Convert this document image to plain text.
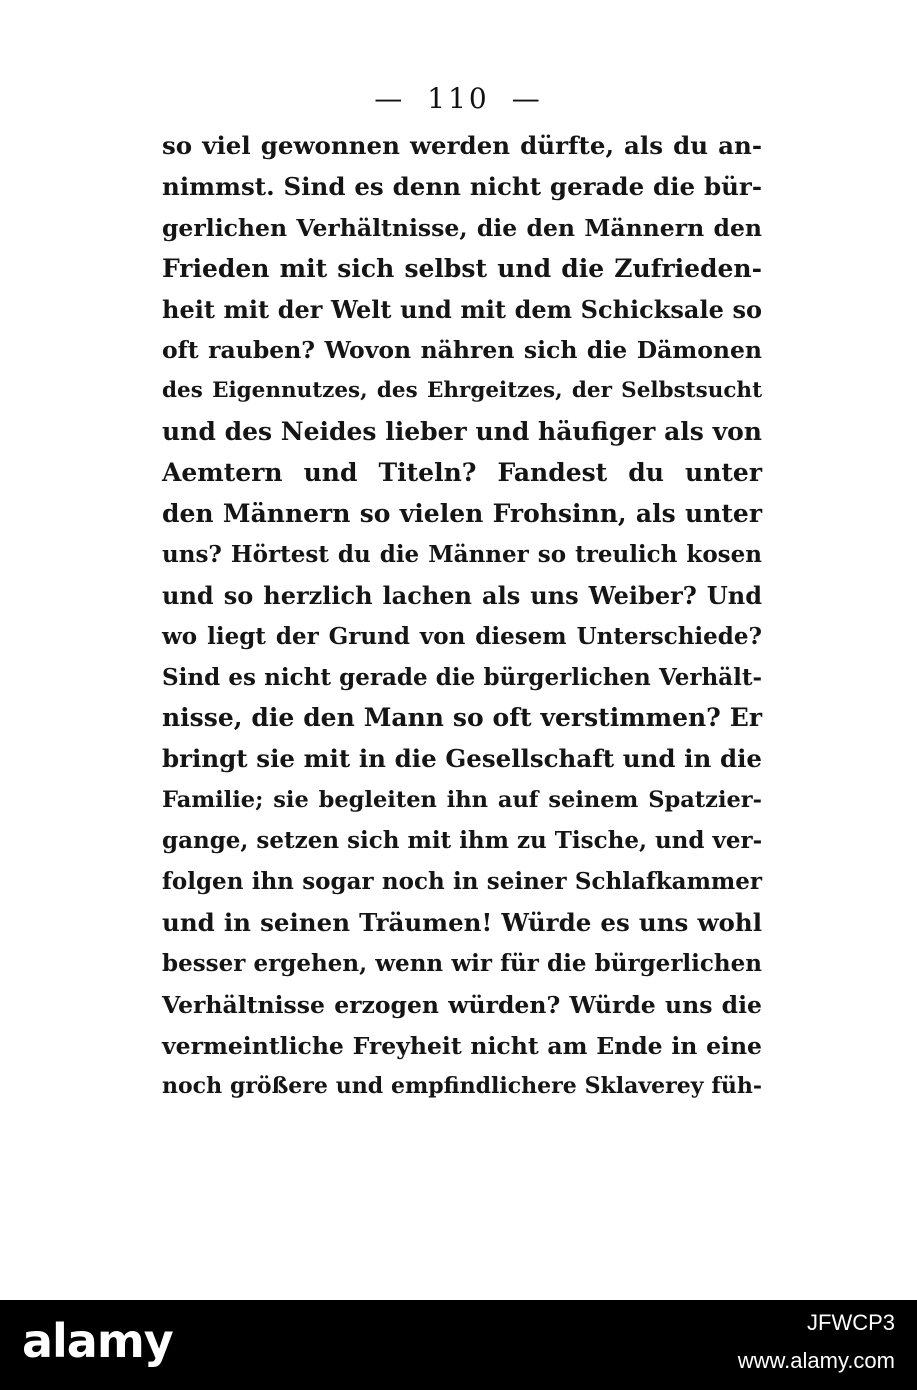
— 110 —
so viel gewonnen werden dürfte, als du an-
nimmst. Sind es denn nicht gerade die bür-
gerlichen Verhältnisse, die den Männern den
Frieden mit sich selbst und die Zufrieden-
heit mit der Welt und mit dem Schicksale so
oft rauben? Wovon nähren sich die Dämonen
des Eigennutzes, des Ehrgeitzes, der Selbstsucht
und des Neides lieber und häufiger als von
Aemtern und Titeln? Fandest du unter
den Männern so vielen Frohsinn, als unter
uns? Hörtest du die Männer so treulich kosen
und so herzlich lachen als uns Weiber? Und
wo liegt der Grund von diesem Unterschiede?
Sind es nicht gerade die bürgerlichen Verhält-
nisse, die den Mann so oft verstimmen? Er
bringt sie mit in die Gesellschaft und in die
Familie; sie begleiten ihn auf seinem Spatzier-
gange, setzen sich mit ihm zu Tische, und ver-
folgen ihn sogar noch in seiner Schlafkammer
und in seinen Träumen! Würde es uns wohl
besser ergehen, wenn wir für die bürgerlichen
Verhältnisse erzogen würden? Würde uns die
vermeintliche Freyheit nicht am Ende in eine
noch größere und empfindlichere Sklaverey füh-
alamy	JFWCP3
www.alamy.com
